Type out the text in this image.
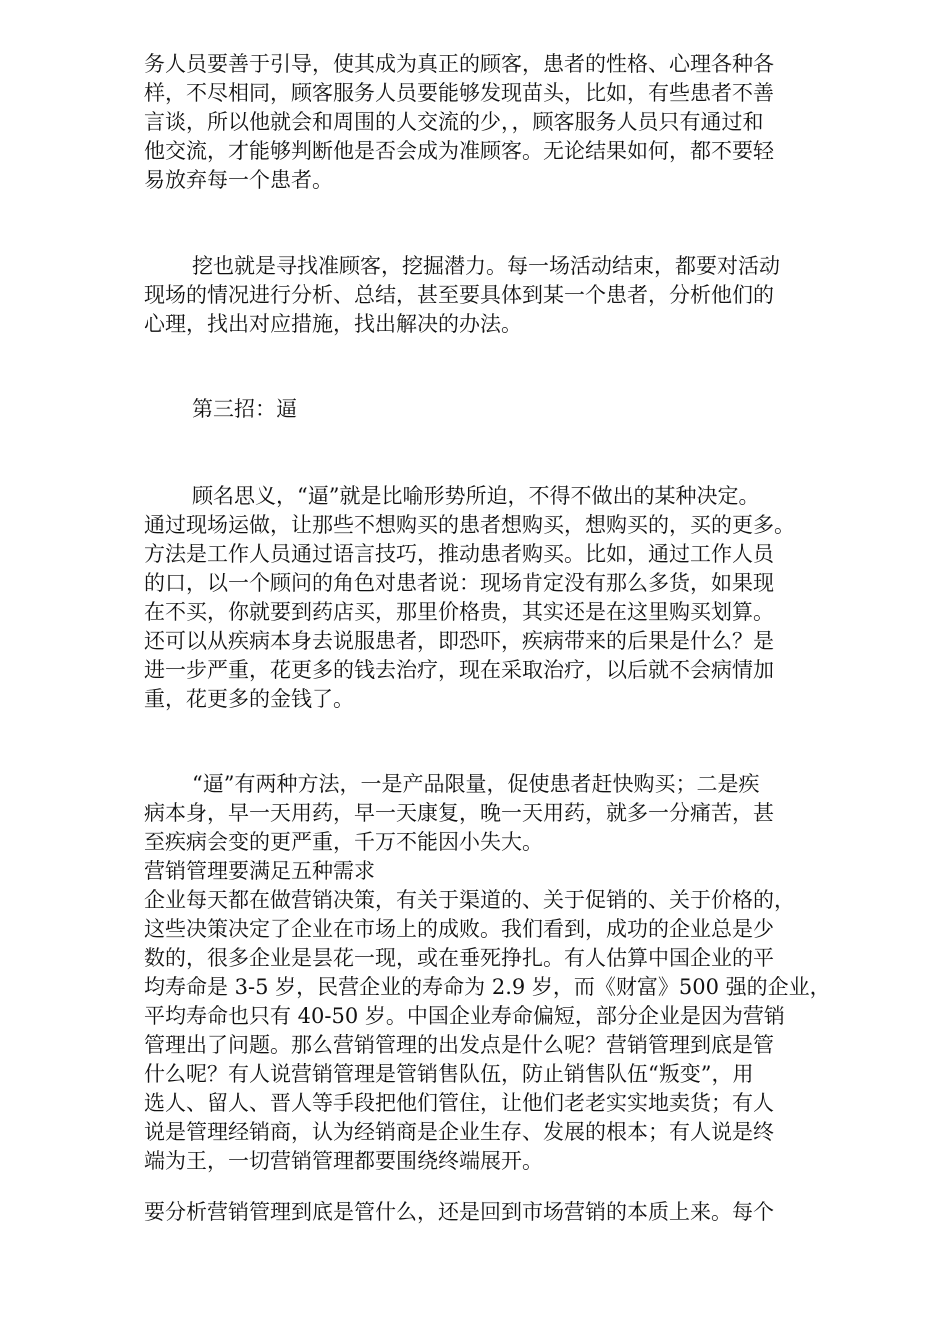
务人员要善于引导，使其成为真正的顾客，患者的性格、心理各种各
样，不尽相同，顾客服务人员要能够发现苗头，比如，有些患者不善
言谈，所以他就会和周围的人交流的少，，顾客服务人员只有通过和
他交流，才能够判断他是否会成为准顾客。无论结果如何，都不要轻
易放弃每一个患者。
挖也就是寻找准顾客，挖掘潜力。每一场活动结束，都要对活动
现场的情况进行分析、总结，甚至要具体到某一个患者，分析他们的
心理，找出对应措施，找出解决的办法。
第三招：逼
顾名思义，“逼”就是比喻形势所迫，不得不做出的某种决定。
通过现场运做，让那些不想购买的患者想购买，想购买的，买的更多。
方法是工作人员通过语言技巧，推动患者购买。比如，通过工作人员
的口，以一个顾问的角色对患者说：现场肯定没有那么多货，如果现
在不买，你就要到药店买，那里价格贵，其实还是在这里购买划算。
还可以从疾病本身去说服患者，即恐吓，疾病带来的后果是什么？是
进一步严重，花更多的钱去治疗，现在采取治疗，以后就不会病情加
重，花更多的金钱了。
“逼”有两种方法，一是产品限量，促使患者赶快购买；二是疾
病本身，早一天用药，早一天康复，晚一天用药，就多一分痛苦，甚
至疾病会变的更严重，千万不能因小失大。
营销管理要满足五种需求
企业每天都在做营销决策，有关于渠道的、关于促销的、关于价格的，
这些决策决定了企业在市场上的成败。我们看到，成功的企业总是少
数的，很多企业是昙花一现，或在垂死挣扎。有人估算中国企业的平
均寿命是 3-5 岁，民营企业的寿命为 2.9 岁，而《财富》500 强的企业，
平均寿命也只有 40-50 岁。中国企业寿命偏短，部分企业是因为营销
管理出了问题。那么营销管理的出发点是什么呢？营销管理到底是管
什么呢？有人说营销管理是管销售队伍，防止销售队伍“叛变”，用
选人、留人、晋人等手段把他们管住，让他们老老实实地卖货；有人
说是管理经销商，认为经销商是企业生存、发展的根本；有人说是终
端为王，一切营销管理都要围绕终端展开。
要分析营销管理到底是管什么，还是回到市场营销的本质上来。每个
